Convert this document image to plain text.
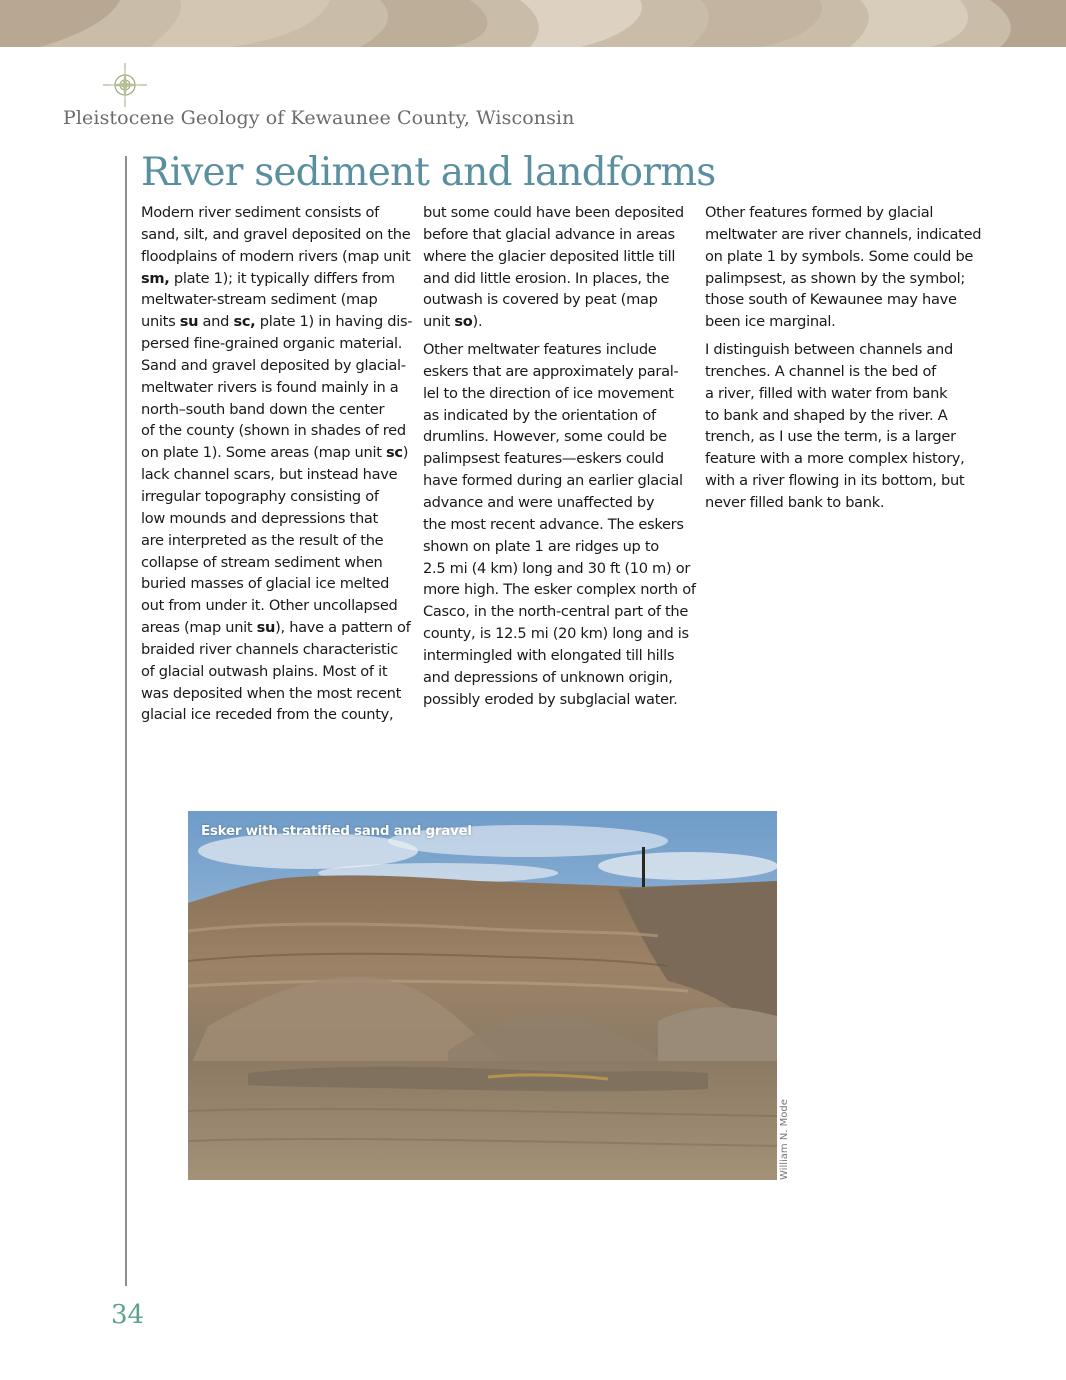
Pleistocene Geology of Kewaunee County, Wisconsin
River sediment and landforms
Modern river sediment consists of
sand, silt, and gravel deposited on the
floodplains of modern rivers (map unit
sm, plate 1); it typically differs from
meltwater-stream sediment (map
units su and sc, plate 1) in having dis-
persed fine-grained organic material.
Sand and gravel deposited by glacial-
meltwater rivers is found mainly in a
north–south band down the center
of the county (shown in shades of red
on plate 1). Some areas (map unit sc)
lack channel scars, but instead have
irregular topography consisting of
low mounds and depressions that
are interpreted as the result of the
collapse of stream sediment when
buried masses of glacial ice melted
out from under it. Other uncollapsed
areas (map unit su), have a pattern of
braided river channels characteristic
of glacial outwash plains. Most of it
was deposited when the most recent
glacial ice receded from the county,
but some could have been deposited
before that glacial advance in areas
where the glacier deposited little till
and did little erosion. In places, the
outwash is covered by peat (map
unit so).
Other meltwater features include
eskers that are approximately paral-
lel to the direction of ice movement
as indicated by the orientation of
drumlins. However, some could be
palimpsest features—eskers could
have formed during an earlier glacial
advance and were unaffected by
the most recent advance. The eskers
shown on plate 1 are ridges up to
2.5 mi (4 km) long and 30 ft (10 m) or
more high. The esker complex north of
Casco, in the north-central part of the
county, is 12.5 mi (20 km) long and is
intermingled with elongated till hills
and depressions of unknown origin,
possibly eroded by subglacial water.
Other features formed by glacial
meltwater are river channels, indicated
on plate 1 by symbols. Some could be
palimpsest, as shown by the symbol;
those south of Kewaunee may have
been ice marginal.
I distinguish between channels and
trenches. A channel is the bed of
a river, filled with water from bank
to bank and shaped by the river. A
trench, as I use the term, is a larger
feature with a more complex history,
with a river flowing in its bottom, but
never filled bank to bank.
Esker with stratified sand and gravel
William N. Mode
34
